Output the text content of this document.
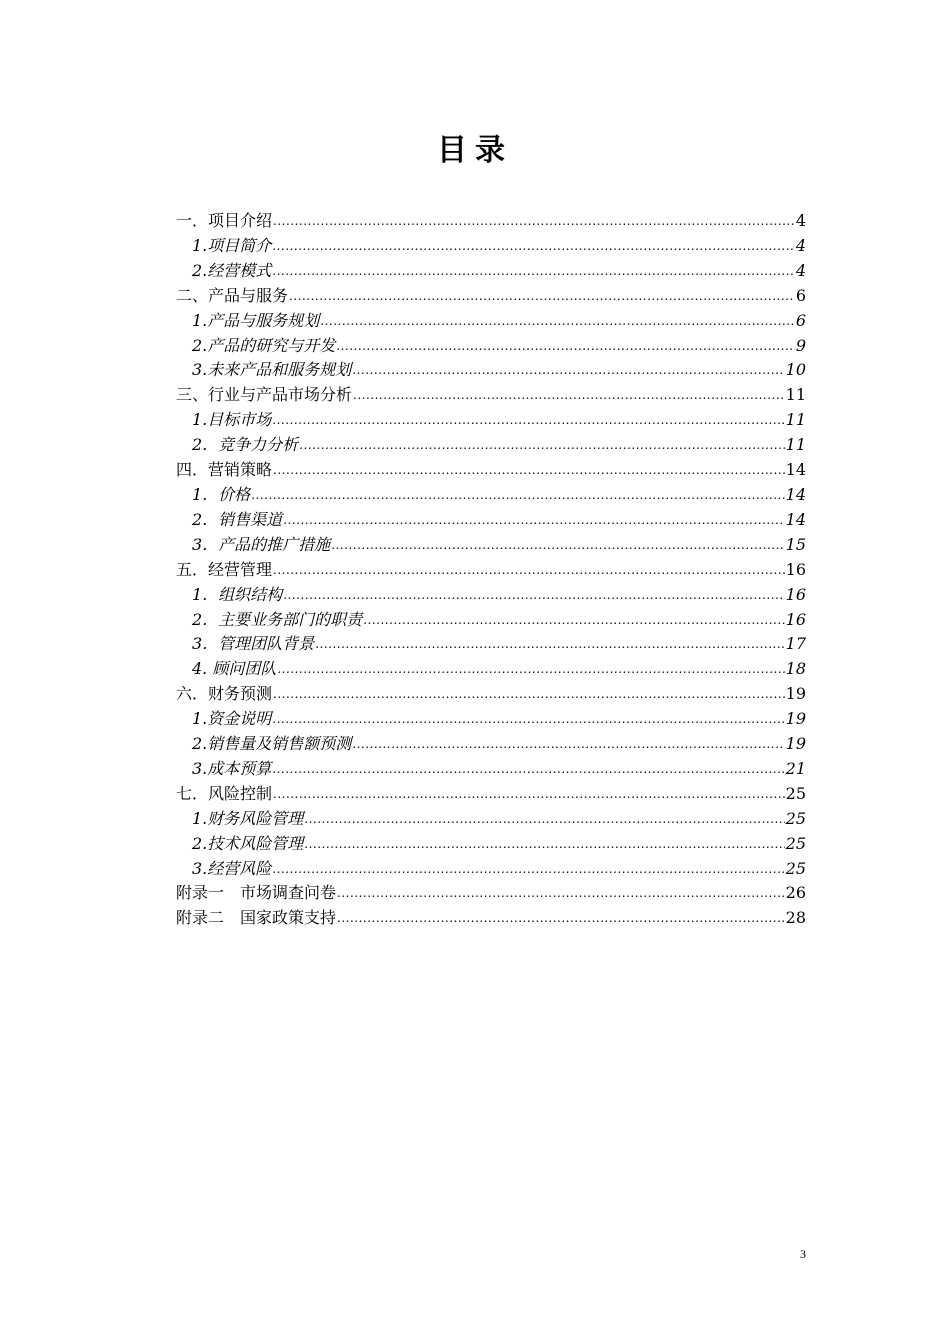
目录
一．项目介绍 .....	4
1.项目简介 .....	4
2.经营模式 .....	4
二、产品与服务 .....	6
1.产品与服务规划 .....	6
2.产品的研究与开发 .....	9
3.未来产品和服务规划 .....	10
三、行业与产品市场分析 .....	11
1.目标市场 .....	11
2．竞争力分析 .....	11
四．营销策略 .....	14
1．价格 .....	14
2．销售渠道 .....	14
3．产品的推广措施 .....	15
五．经营管理 .....	16
1．组织结构 .....	16
2．主要业务部门的职责 .....	16
3．管理团队背景 .....	17
4. 顾问团队 .....	18
六．财务预测 .....	19
1.资金说明 .....	19
2.销售量及销售额预测 .....	19
3.成本预算 .....	21
七．风险控制 .....	25
1.财务风险管理 .....	25
2.技术风险管理 .....	25
3.经营风险 .....	25
附录一　市场调查问卷 .....	26
附录二　国家政策支持 .....	28
3
